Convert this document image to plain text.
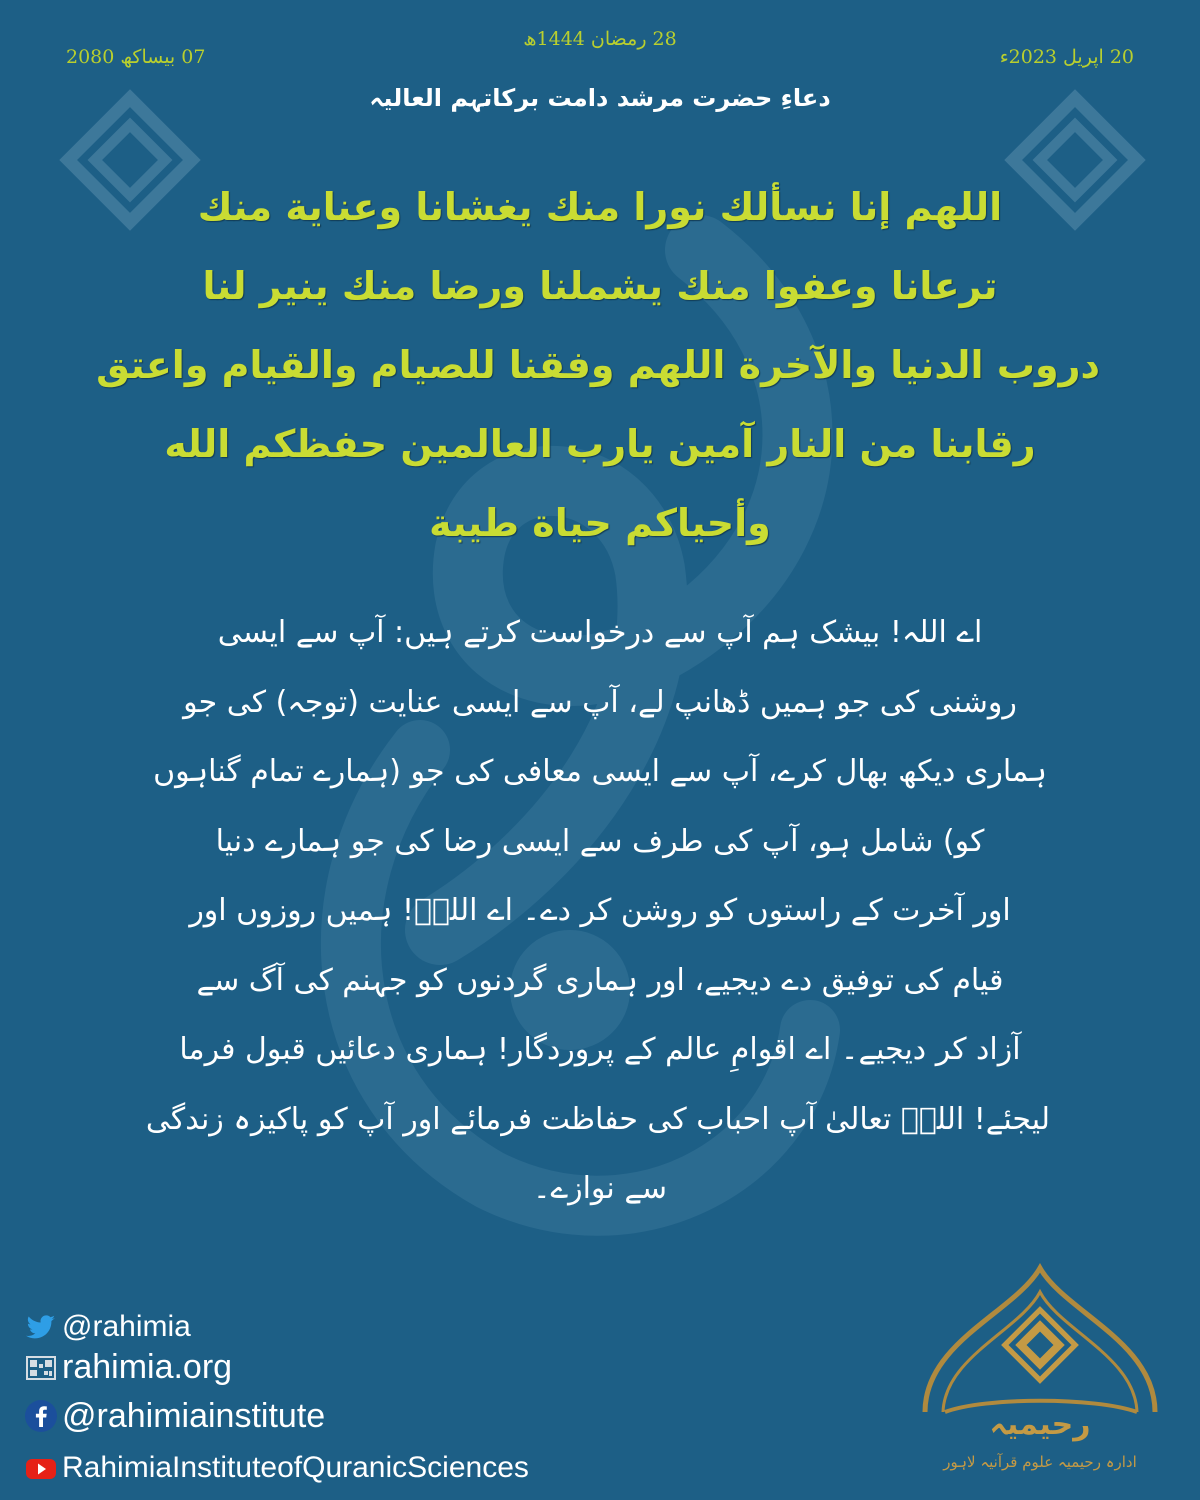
28 رمضان 1444ھ
07 بیساکھ 2080	20 اپریل 2023ء
دعاءِ حضرت مرشد دامت برکاتہم العالیہ
اللھم إنا نسألك نورا منك يغشانا وعناية منك
ترعانا وعفوا منك يشملنا ورضا منك ينير لنا
دروب الدنيا والآخرة اللھم وفقنا للصيام والقيام واعتق
رقابنا من النار آمين يارب العالمين حفظكم الله
وأحياكم حياة طيبة
اے اللہ! بیشک ہم آپ سے درخواست کرتے ہیں: آپ سے ایسی
روشنی کی جو ہمیں ڈھانپ لے، آپ سے ایسی عنایت (توجہ) کی جو
ہماری دیکھ بھال کرے، آپ سے ایسی معافی کی جو (ہمارے تمام گناہوں
کو) شامل ہو، آپ کی طرف سے ایسی رضا کی جو ہمارے دنیا
اور آخرت کے راستوں کو روشن کر دے۔ اے اللہؔ! ہمیں روزوں اور
قیام کی توفیق دے دیجیے، اور ہماری گردنوں کو جہنم کی آگ سے
آزاد کر دیجیے۔ اے اقوامِ عالم کے پروردگار! ہماری دعائیں قبول فرما
لیجئے! اللہؔ تعالیٰ آپ احباب کی حفاظت فرمائے اور آپ کو پاکیزہ زندگی
سے نوازے۔
@rahimia
rahimia.org
@rahimiainstitute
RahimiaInstituteofQuranicSciences
رحیمیہ
ادارہ رحیمیہ علوم قرآنیہ لاہور
